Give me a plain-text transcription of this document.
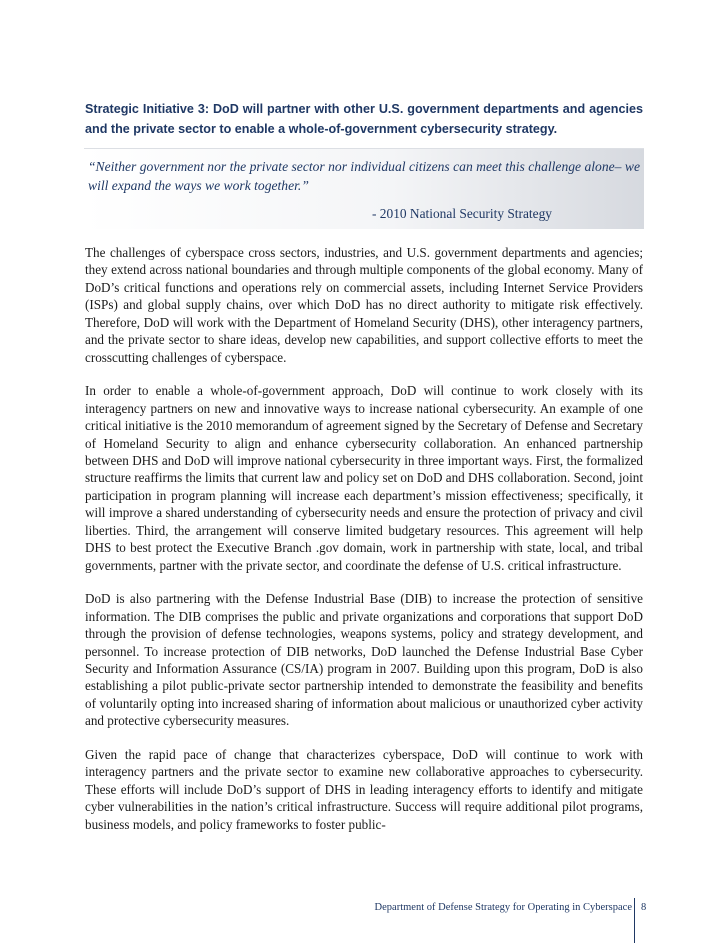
Strategic Initiative 3: DoD will partner with other U.S. government departments and agencies and the private sector to enable a whole-of-government cybersecurity strategy.

“Neither government nor the private sector nor individual citizens can meet this challenge alone– we will expand the ways we work together.”

- 2010 National Security Strategy

The challenges of cyberspace cross sectors, industries, and U.S. government departments and agencies; they extend across national boundaries and through multiple components of the global economy. Many of DoD’s critical functions and operations rely on commercial assets, including Internet Service Providers (ISPs) and global supply chains, over which DoD has no direct authority to mitigate risk effectively. Therefore, DoD will work with the Department of Homeland Security (DHS), other interagency partners, and the private sector to share ideas, develop new capabilities, and support collective efforts to meet the crosscutting challenges of cyberspace.

In order to enable a whole-of-government approach, DoD will continue to work closely with its interagency partners on new and innovative ways to increase national cybersecurity. An example of one critical initiative is the 2010 memorandum of agreement signed by the Secretary of Defense and Secretary of Homeland Security to align and enhance cybersecurity collaboration. An enhanced partnership between DHS and DoD will improve national cybersecurity in three important ways. First, the formalized structure reaffirms the limits that current law and policy set on DoD and DHS collaboration. Second, joint participation in program planning will increase each department’s mission effectiveness; specifically, it will improve a shared understanding of cybersecurity needs and ensure the protection of privacy and civil liberties. Third, the arrangement will conserve limited budgetary resources. This agreement will help DHS to best protect the Executive Branch .gov domain, work in partnership with state, local, and tribal governments, partner with the private sector, and coordinate the defense of U.S. critical infrastructure.

DoD is also partnering with the Defense Industrial Base (DIB) to increase the protection of sensitive information. The DIB comprises the public and private organizations and corporations that support DoD through the provision of defense technologies, weapons systems, policy and strategy development, and personnel. To increase protection of DIB networks, DoD launched the Defense Industrial Base Cyber Security and Information Assurance (CS/IA) program in 2007. Building upon this program, DoD is also establishing a pilot public-private sector partnership intended to demonstrate the feasibility and benefits of voluntarily opting into increased sharing of information about malicious or unauthorized cyber activity and protective cybersecurity measures.

Given the rapid pace of change that characterizes cyberspace, DoD will continue to work with interagency partners and the private sector to examine new collaborative approaches to cybersecurity. These efforts will include DoD’s support of DHS in leading interagency efforts to identify and mitigate cyber vulnerabilities in the nation’s critical infrastructure. Success will require additional pilot programs, business models, and policy frameworks to foster public-

Department of Defense Strategy for Operating in Cyberspace 8
